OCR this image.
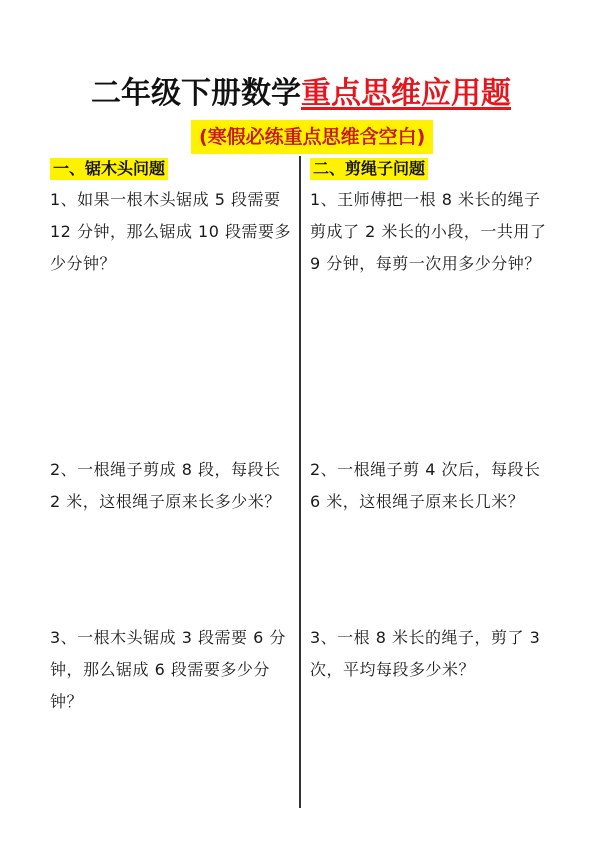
二年级下册数学重点思维应用题
(寒假必练重点思维含空白)
一、锯木头问题
1、如果一根木头锯成 5 段需要 12 分钟，那么锯成 10 段需要多少分钟？
2、一根绳子剪成 8 段，每段长 2 米，这根绳子原来长多少米？
3、一根木头锯成 3 段需要 6 分钟，那么锯成 6 段需要多少分钟？
二、剪绳子问题
1、王师傅把一根 8 米长的绳子剪成了 2 米长的小段，一共用了 9 分钟，每剪一次用多少分钟？
2、一根绳子剪 4 次后，每段长 6 米，这根绳子原来长几米？
3、一根 8 米长的绳子，剪了 3 次，平均每段多少米？
